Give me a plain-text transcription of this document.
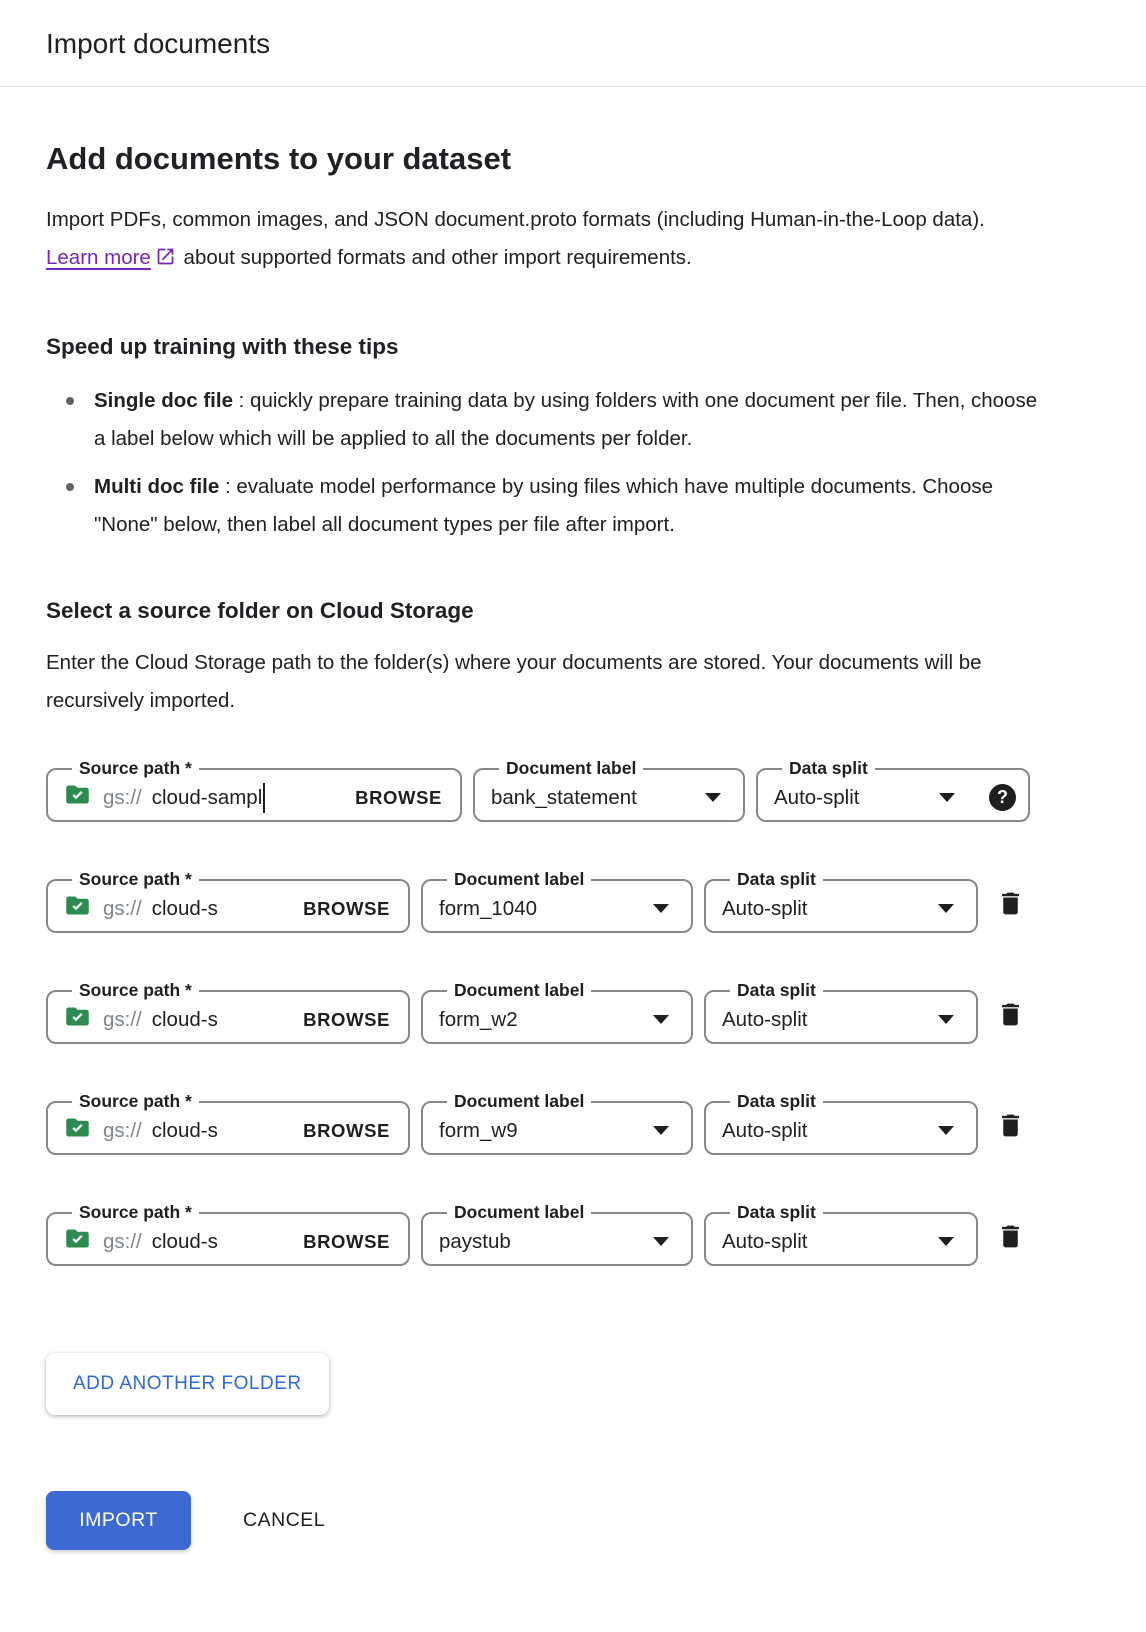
Import documents
Add documents to your dataset

Import PDFs, common images, and JSON document.proto formats (including Human-in-the-Loop data). Learn more about supported formats and other import requirements.

Speed up training with these tips
Single doc file : quickly prepare training data by using folders with one document per file. Then, choose a label below which will be applied to all the documents per folder.
Multi doc file : evaluate model performance by using files which have multiple documents. Choose "None" below, then label all document types per file after import.
Select a source folder on Cloud Storage

Enter the Cloud Storage path to the folder(s) where your documents are stored. Your documents will be recursively imported.

Source path *
gs:// cloud-sampl	BROWSE
Document label
bank_statement
Data split
Auto-split	?
Source path *
gs:// cloud-s	BROWSE
Document label
form_1040
Data split
Auto-split
Source path *
gs:// cloud-s	BROWSE
Document label
form_w2
Data split
Auto-split
Source path *
gs:// cloud-s	BROWSE
Document label
form_w9
Data split
Auto-split
Source path *
gs:// cloud-s	BROWSE
Document label
paystub
Data split
Auto-split
ADD ANOTHER FOLDER
IMPORT	CANCEL
